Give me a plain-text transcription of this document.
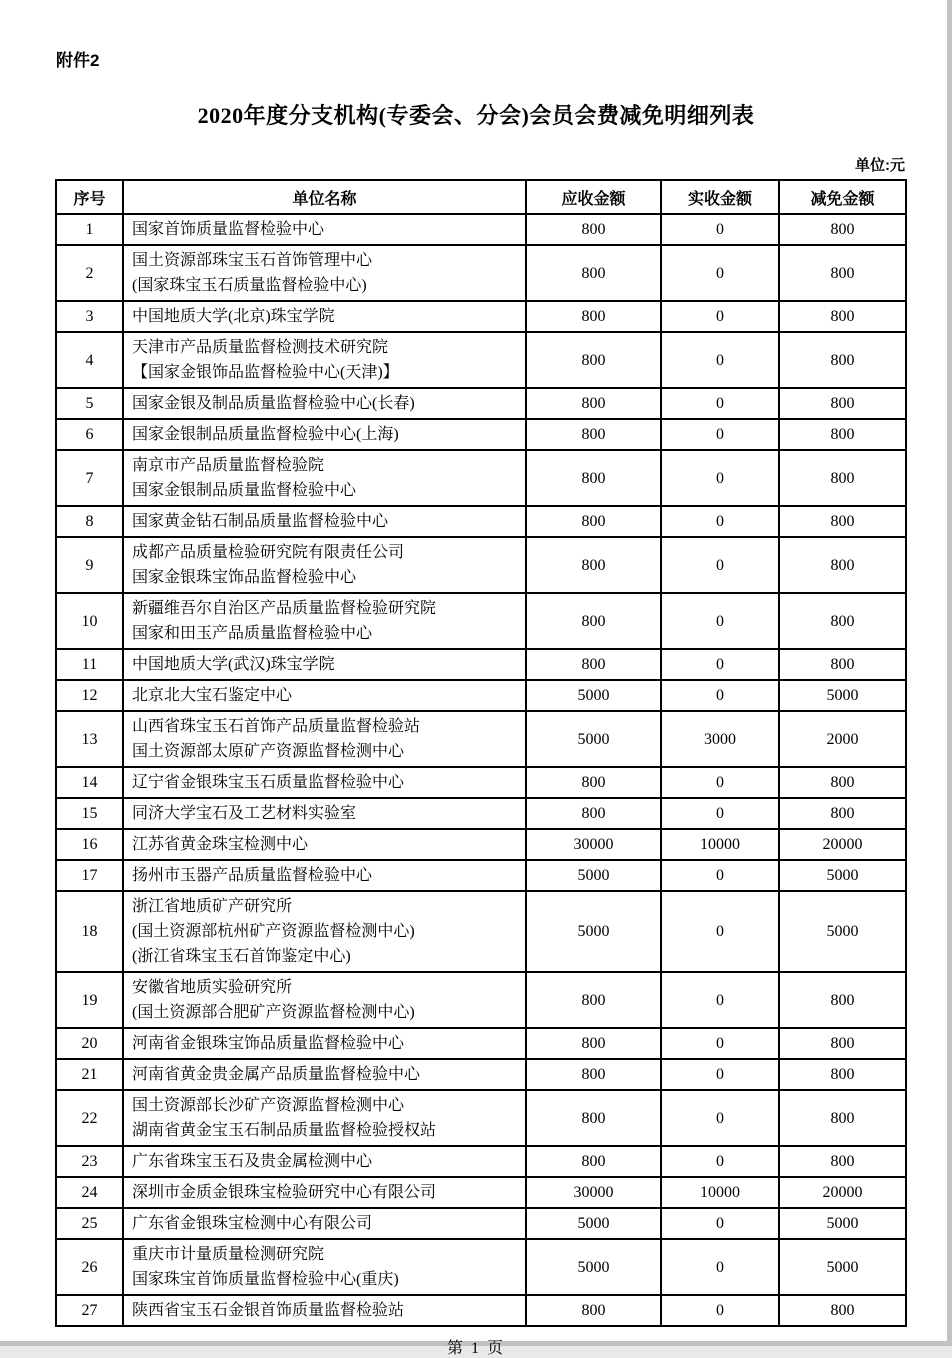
附件2
2020年度分支机构(专委会、分会)会员会费减免明细列表
单位:元
序号	单位名称	应收金额	实收金额	减免金额
1	国家首饰质量监督检验中心	800	0	800
2	国土资源部珠宝玉石首饰管理中心
(国家珠宝玉石质量监督检验中心)	800	0	800
3	中国地质大学(北京)珠宝学院	800	0	800
4	天津市产品质量监督检测技术研究院
【国家金银饰品监督检验中心(天津)】	800	0	800
5	国家金银及制品质量监督检验中心(长春)	800	0	800
6	国家金银制品质量监督检验中心(上海)	800	0	800
7	南京市产品质量监督检验院
国家金银制品质量监督检验中心	800	0	800
8	国家黄金钻石制品质量监督检验中心	800	0	800
9	成都产品质量检验研究院有限责任公司
国家金银珠宝饰品监督检验中心	800	0	800
10	新疆维吾尔自治区产品质量监督检验研究院
国家和田玉产品质量监督检验中心	800	0	800
11	中国地质大学(武汉)珠宝学院	800	0	800
12	北京北大宝石鉴定中心	5000	0	5000
13	山西省珠宝玉石首饰产品质量监督检验站
国土资源部太原矿产资源监督检测中心	5000	3000	2000
14	辽宁省金银珠宝玉石质量监督检验中心	800	0	800
15	同济大学宝石及工艺材料实验室	800	0	800
16	江苏省黄金珠宝检测中心	30000	10000	20000
17	扬州市玉器产品质量监督检验中心	5000	0	5000
18	浙江省地质矿产研究所
(国土资源部杭州矿产资源监督检测中心)
(浙江省珠宝玉石首饰鉴定中心)	5000	0	5000
19	安徽省地质实验研究所
(国土资源部合肥矿产资源监督检测中心)	800	0	800
20	河南省金银珠宝饰品质量监督检验中心	800	0	800
21	河南省黄金贵金属产品质量监督检验中心	800	0	800
22	国土资源部长沙矿产资源监督检测中心
湖南省黄金宝玉石制品质量监督检验授权站	800	0	800
23	广东省珠宝玉石及贵金属检测中心	800	0	800
24	深圳市金质金银珠宝检验研究中心有限公司	30000	10000	20000
25	广东省金银珠宝检测中心有限公司	5000	0	5000
26	重庆市计量质量检测研究院
国家珠宝首饰质量监督检验中心(重庆)	5000	0	5000
27	陕西省宝玉石金银首饰质量监督检验站	800	0	800
第 1 页
